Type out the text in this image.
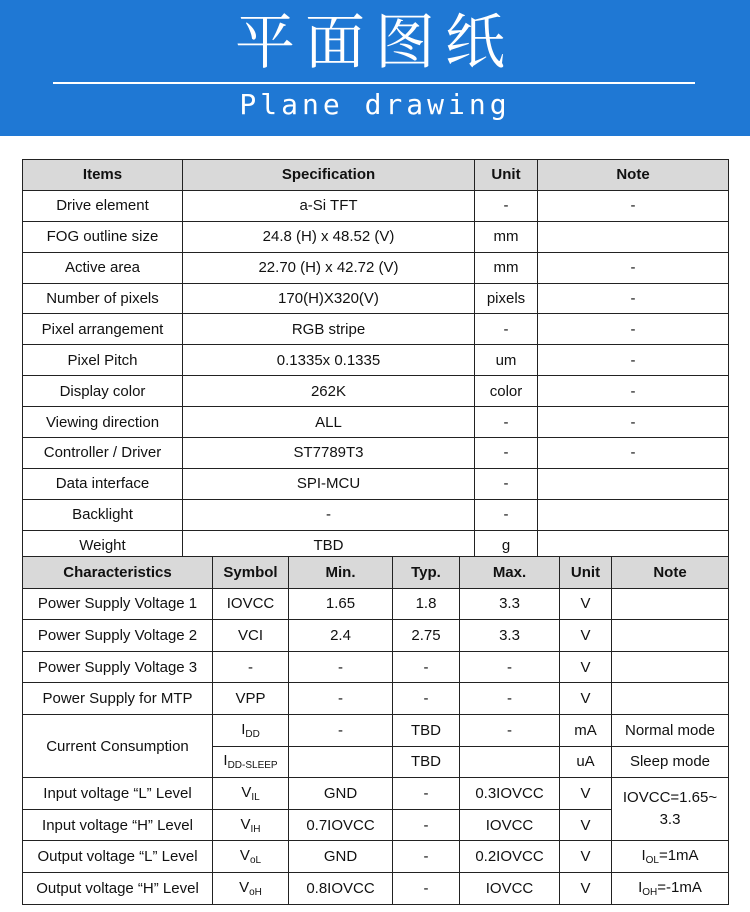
平面图纸
Plane drawing
Items	Specification	Unit	Note
Drive element	a-Si TFT	-	-
FOG outline size	24.8 (H) x 48.52 (V)	mm	
Active area	22.70 (H) x 42.72 (V)	mm	-
Number of pixels	170(H)X320(V)	pixels	-
Pixel arrangement	RGB stripe	-	-
Pixel Pitch	0.1335x 0.1335	um	-
Display color	262K	color	-
Viewing direction	ALL	-	-
Controller / Driver	ST7789T3	-	-
Data interface	SPI-MCU	-	
Backlight	-	-	
Weight	TBD	g	
Characteristics	Symbol	Min.	Typ.	Max.	Unit	Note
Power Supply Voltage 1	IOVCC	1.65	1.8	3.3	V	
Power Supply Voltage 2	VCI	2.4	2.75	3.3	V	
Power Supply Voltage 3	-	-	-	-	V	
Power Supply for MTP	VPP	-	-	-	V	
Current Consumption	$I_{DD}$	-	TBD	-	mA	Normal mode
	$I_{DD-SLEEP}$		TBD		uA	Sleep mode
Input voltage “L” Level	$V_{IL}$	GND	-	0.3IOVCC	V	IOVCC=1.65~ 3.3
Input voltage “H” Level	$V_{IH}$	0.7IOVCC	-	IOVCC	V	
Output voltage “L” Level	$V_{oL}$	GND	-	0.2IOVCC	V	$I_{OL}=1mA$
Output voltage “H” Level	$V_{oH}$	0.8IOVCC	-	IOVCC	V	$I_{OH}=-1mA$
